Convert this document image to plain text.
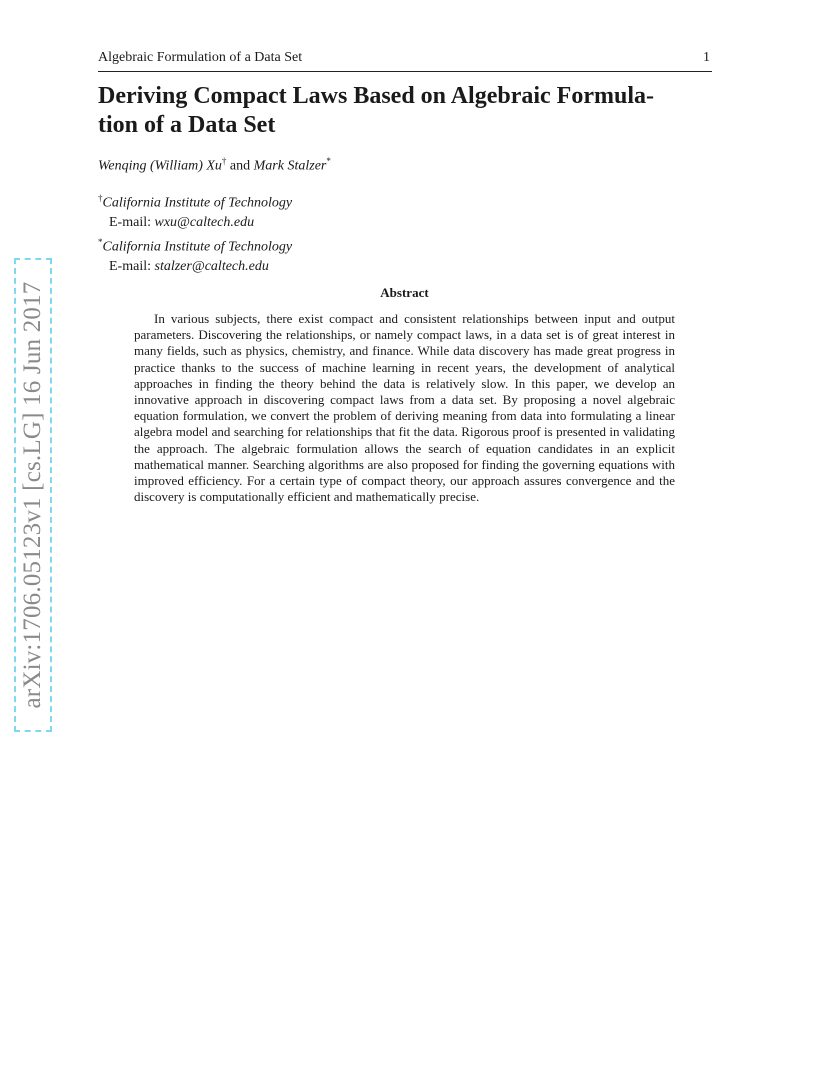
Algebraic Formulation of a Data Set	1
Deriving Compact Laws Based on Algebraic Formula-
tion of a Data Set
Wenqing (William) Xu† and Mark Stalzer*
†California Institute of Technology
E-mail: wxu@caltech.edu
*California Institute of Technology
E-mail: stalzer@caltech.edu
Abstract

In various subjects, there exist compact and consistent relationships between input and output parameters. Discovering the relationships, or namely compact laws, in a data set is of great interest in many fields, such as physics, chemistry, and finance. While data discovery has made great progress in practice thanks to the success of machine learning in recent years, the development of analytical approaches in finding the theory behind the data is relatively slow. In this paper, we develop an innovative approach in discovering compact laws from a data set. By proposing a novel algebraic equation formulation, we convert the problem of deriving meaning from data into formulating a linear algebra model and searching for relationships that fit the data. Rigorous proof is presented in validating the approach. The algebraic formulation allows the search of equation candidates in an explicit mathematical manner. Searching algorithms are also proposed for finding the governing equations with improved efficiency. For a certain type of compact theory, our approach assures convergence and the discovery is computationally efficient and mathematically precise.

arXiv:1706.05123v1 [cs.LG] 16 Jun 2017
